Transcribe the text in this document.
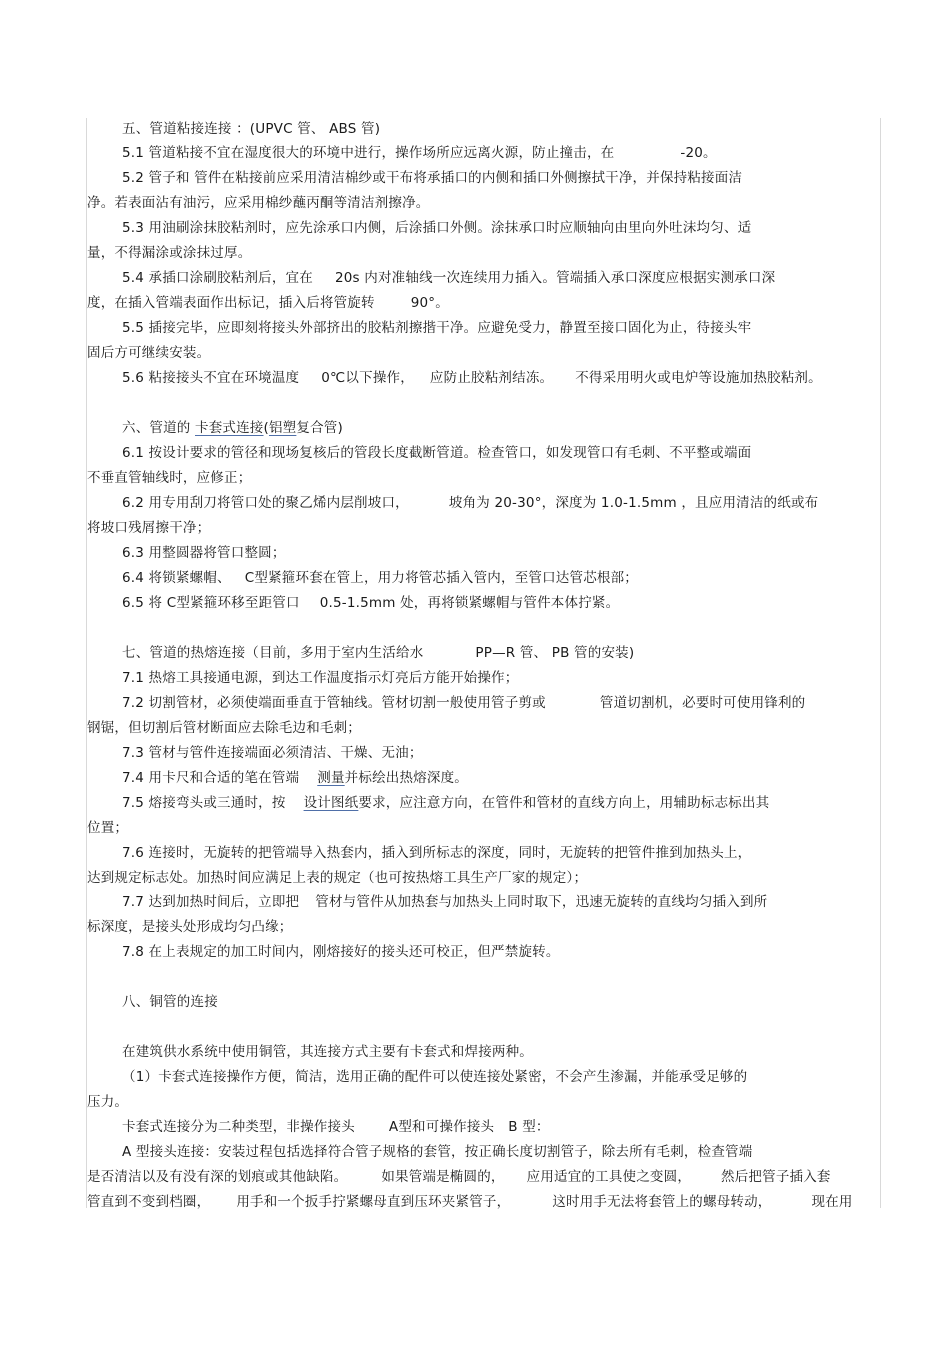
五、管道粘接连接 ：(UPVC 管、 ABS 管)
5.1 管道粘接不宜在湿度很大的环境中进行，操作场所应远离火源，防止撞击，在	-20。
5.2 管子和 管件在粘接前应采用清洁棉纱或干布将承插口的内侧和插口外侧擦拭干净，并保持粘接面洁
净。若表面沾有油污，应采用棉纱蘸丙酮等清洁剂擦净。
5.3 用油刷涂抹胶粘剂时，应先涂承口内侧，后涂插口外侧。涂抹承口时应顺轴向由里向外吐沫均匀、适
量，不得漏涂或涂抹过厚。
5.4 承插口涂刷胶粘剂后，宜在 20s 内对准轴线一次连续用力插入。管端插入承口深度应根据实测承口深
度，在插入管端表面作出标记，插入后将管旋转	90°。
5.5 插接完毕，应即刻将接头外部挤出的胶粘剂擦揩干净。应避免受力，静置至接口固化为止，待接头牢
固后方可继续安装。
5.6 粘接接头不宜在环境温度 0℃以下操作， 应防止胶粘剂结冻。 不得采用明火或电炉等设施加热胶粘剂。
六、管道的 卡套式连接(铝塑复合管)
6.1 按设计要求的管径和现场复核后的管段长度截断管道。检查管口，如发现管口有毛刺、不平整或端面
不垂直管轴线时，应修正；
6.2 用专用刮刀将管口处的聚乙烯内层削坡口，	坡角为 20-30°，深度为 1.0-1.5mm ，且应用清洁的纸或布
将坡口残屑擦干净；
6.3 用整圆器将管口整圆；
6.4 将锁紧螺帽、 C型紧箍环套在管上，用力将管芯插入管内，至管口达管芯根部；
6.5 将 C型紧箍环移至距管口 0.5-1.5mm 处，再将锁紧螺帽与管件本体拧紧。
七、管道的热熔连接（目前，多用于室内生活给水	PP—R 管、 PB 管的安装)
7.1 热熔工具接通电源，到达工作温度指示灯亮后方能开始操作；
7.2 切割管材，必须使端面垂直于管轴线。管材切割一般使用管子剪或	管道切割机，必要时可使用锋利的
钢锯，但切割后管材断面应去除毛边和毛刺；
7.3 管材与管件连接端面必须清洁、干燥、无油；
7.4 用卡尺和合适的笔在管端 测量并标绘出热熔深度。
7.5 熔接弯头或三通时，按 设计图纸要求，应注意方向，在管件和管材的直线方向上，用辅助标志标出其
位置；
7.6 连接时，无旋转的把管端导入热套内，插入到所标志的深度，同时，无旋转的把管件推到加热头上，
达到规定标志处。加热时间应满足上表的规定（也可按热熔工具生产厂家的规定）；
7.7 达到加热时间后，立即把 管材与管件从加热套与加热头上同时取下，迅速无旋转的直线均匀插入到所
标深度，是接头处形成均匀凸缘；
7.8 在上表规定的加工时间内，刚熔接好的接头还可校正，但严禁旋转。
八、铜管的连接
在建筑供水系统中使用铜管，其连接方式主要有卡套式和焊接两种。
（1）卡套式连接操作方便，简洁，选用正确的配件可以使连接处紧密，不会产生渗漏，并能承受足够的
压力。
卡套式连接分为二种类型，非操作接头	A型和可操作接头 B 型：
A 型接头连接：安装过程包括选择符合管子规格的套管，按正确长度切割管子，除去所有毛刺，检查管端
是否清洁以及有没有深的划痕或其他缺陷。	如果管端是椭圆的， 应用适宜的工具使之变圆， 然后把管子插入套
管直到不变到档圈， 用手和一个扳手拧紧螺母直到压环夹紧管子，	这时用手无法将套管上的螺母转动，	现在用
